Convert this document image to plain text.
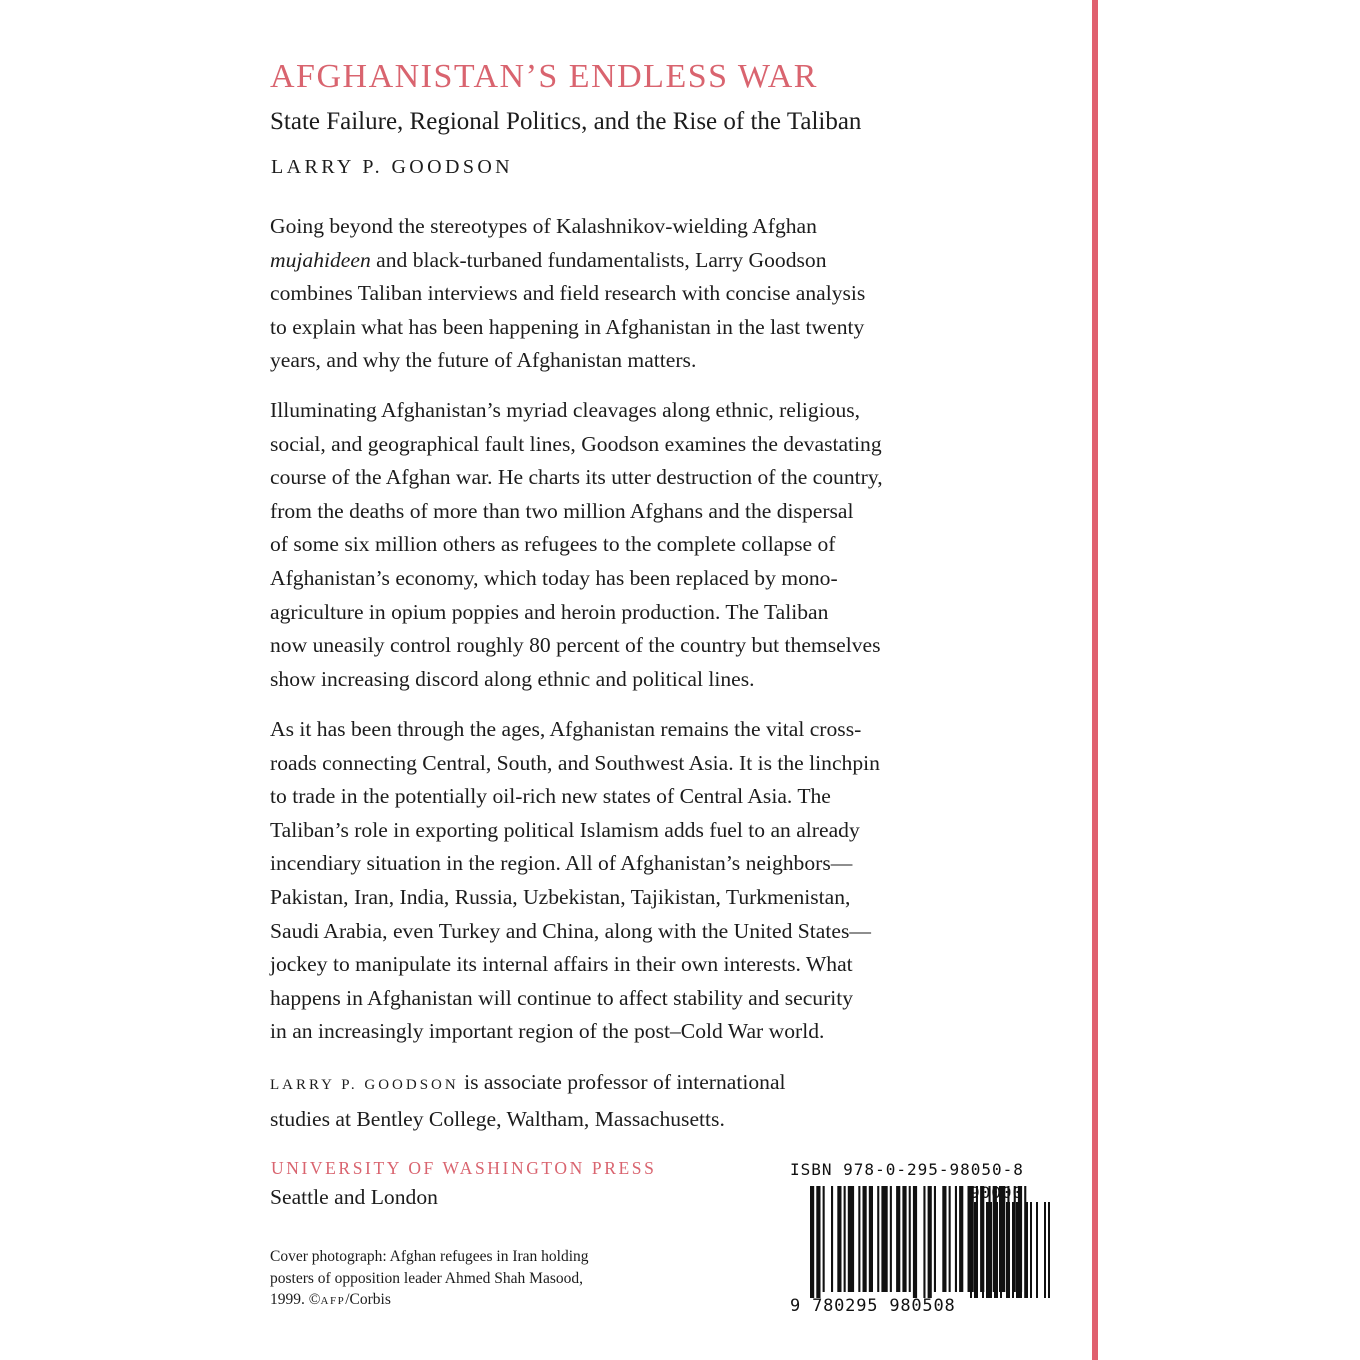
AFGHANISTAN’S ENDLESS WAR
State Failure, Regional Politics, and the Rise of the Taliban
LARRY P. GOODSON

Going beyond the stereotypes of Kalashnikov-wielding Afghan
mujahideen and black-turbaned fundamentalists, Larry Goodson
combines Taliban interviews and field research with concise analysis
to explain what has been happening in Afghanistan in the last twenty
years, and why the future of Afghanistan matters.

Illuminating Afghanistan’s myriad cleavages along ethnic, religious,
social, and geographical fault lines, Goodson examines the devastating
course of the Afghan war. He charts its utter destruction of the country,
from the deaths of more than two million Afghans and the dispersal
of some six million others as refugees to the complete collapse of
Afghanistan’s economy, which today has been replaced by mono-
agriculture in opium poppies and heroin production. The Taliban
now uneasily control roughly 80 percent of the country but themselves
show increasing discord along ethnic and political lines.

As it has been through the ages, Afghanistan remains the vital cross-
roads connecting Central, South, and Southwest Asia. It is the linchpin
to trade in the potentially oil-rich new states of Central Asia. The
Taliban’s role in exporting political Islamism adds fuel to an already
incendiary situation in the region. All of Afghanistan’s neighbors—
Pakistan, Iran, India, Russia, Uzbekistan, Tajikistan, Turkmenistan,
Saudi Arabia, even Turkey and China, along with the United States—
jockey to manipulate its internal affairs in their own interests. What
happens in Afghanistan will continue to affect stability and security
in an increasingly important region of the post–Cold War world.

LARRY P. GOODSON is associate professor of international
studies at Bentley College, Waltham, Massachusetts.

UNIVERSITY OF WASHINGTON PRESS
Seattle and London

Cover photograph: Afghan refugees in Iran holding
posters of opposition leader Ahmed Shah Masood,
1999. ©AFP/Corbis

ISBN 978-0-295-98050-8
90000
9 780295 980508
